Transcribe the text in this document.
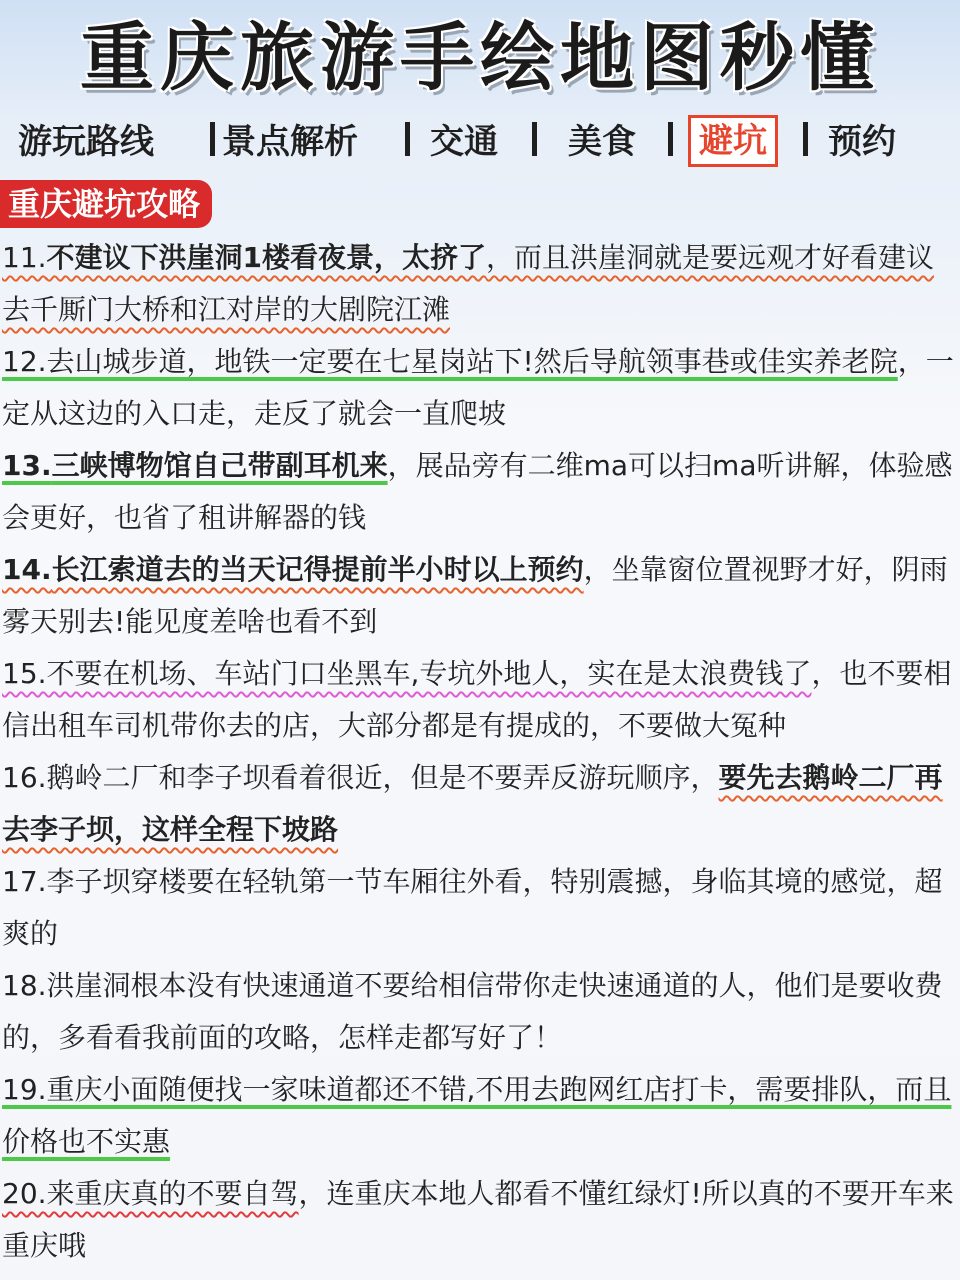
重庆旅游手绘地图秒懂
游玩路线 景点解析 交通 美食	避坑	预约
重庆避坑攻略

11.不建议下洪崖洞1楼看夜景，太挤了，而且洪崖洞就是要远观才好看建议去千厮门大桥和江对岸的大剧院江滩

12.去山城步道，地铁一定要在七星岗站下!然后导航领事巷或佳实养老院，一定从这边的入口走，走反了就会一直爬坡

13.三峡博物馆自己带副耳机来，展品旁有二维ma可以扫ma听讲解，体验感会更好，也省了租讲解器的钱

14.长江索道去的当天记得提前半小时以上预约，坐靠窗位置视野才好，阴雨雾天别去!能见度差啥也看不到

15.不要在机场、车站门口坐黑车,专坑外地人，实在是太浪费钱了，也不要相信出租车司机带你去的店，大部分都是有提成的，不要做大冤种

16.鹅岭二厂和李子坝看着很近，但是不要弄反游玩顺序，要先去鹅岭二厂再去李子坝，这样全程下坡路

17.李子坝穿楼要在轻轨第一节车厢往外看，特别震撼，身临其境的感觉，超爽的

18.洪崖洞根本没有快速通道不要给相信带你走快速通道的人，他们是要收费的，多看看我前面的攻略，怎样走都写好了！

19.重庆小面随便找一家味道都还不错,不用去跑网红店打卡，需要排队，而且价格也不实惠

20.来重庆真的不要自驾，连重庆本地人都看不懂红绿灯!所以真的不要开车来重庆哦
